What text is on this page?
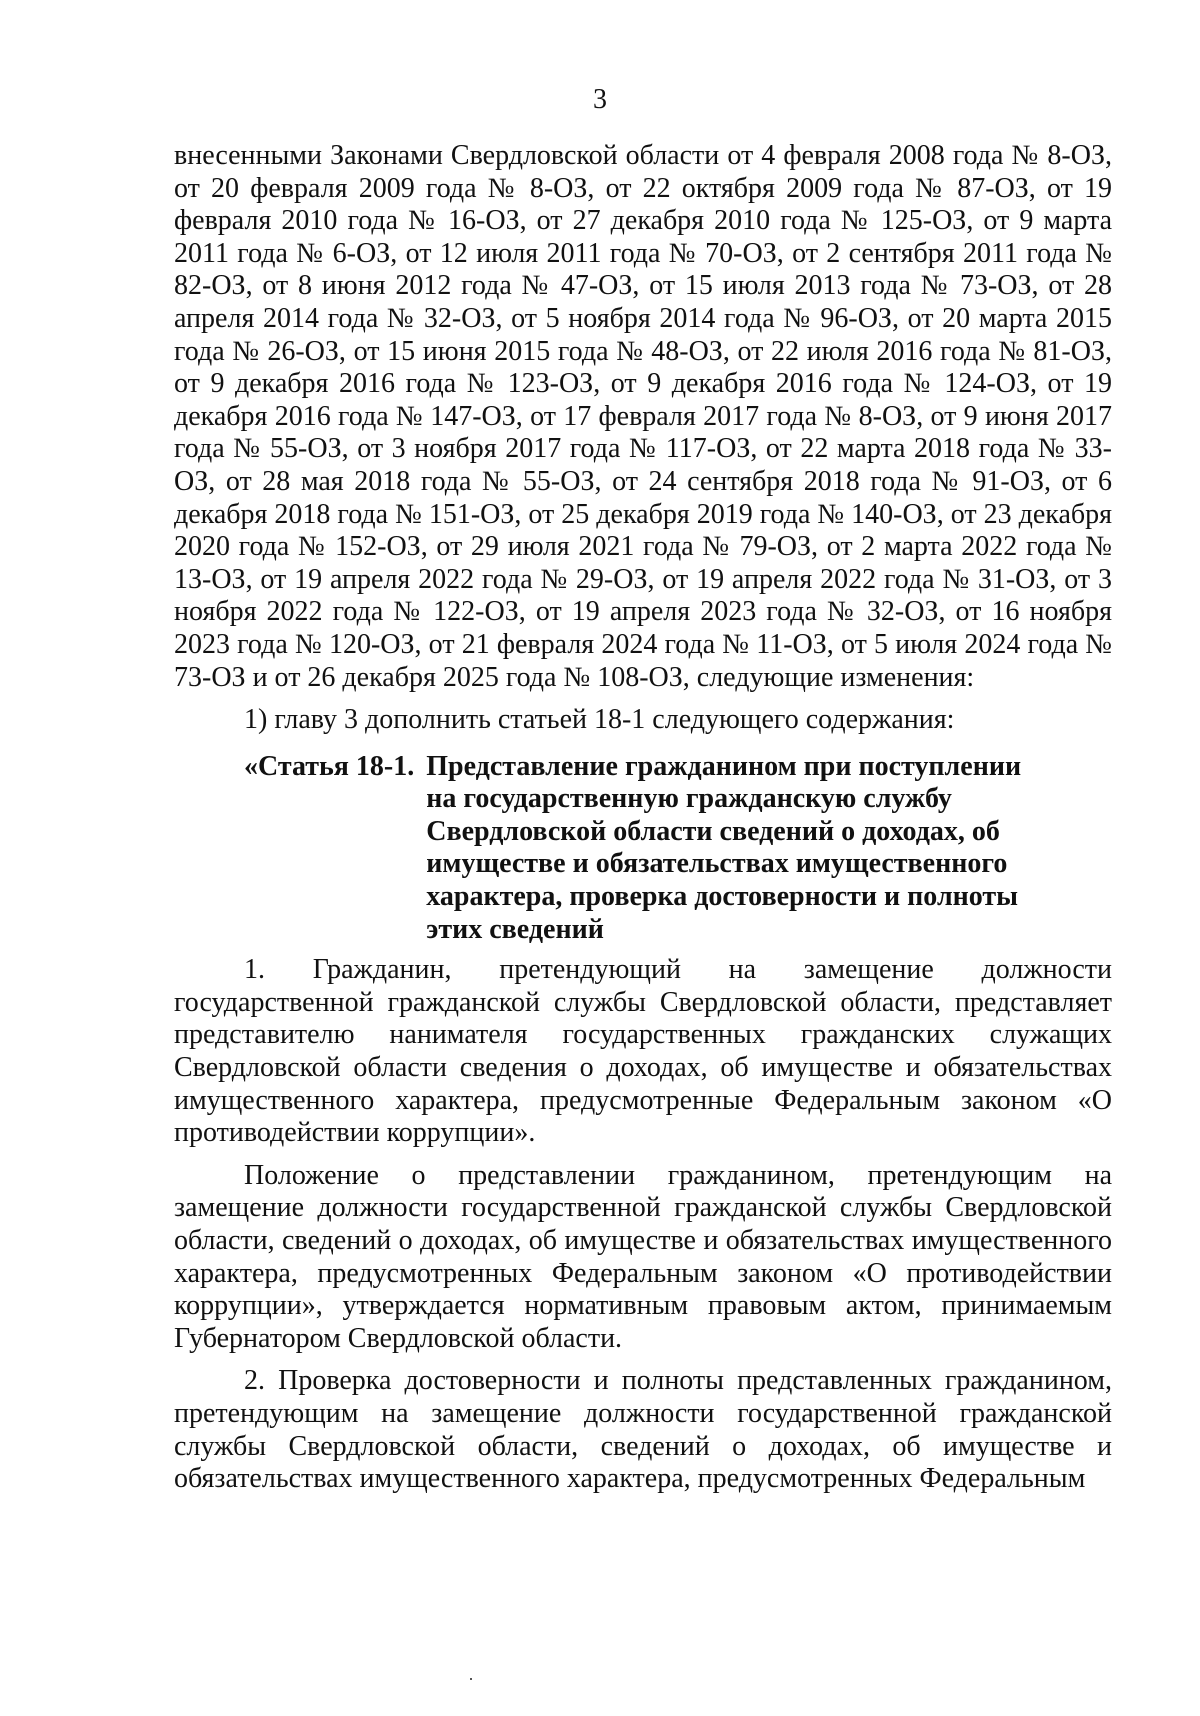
3

внесенными Законами Свердловской области от 4 февраля 2008 года № 8-ОЗ, от 20 февраля 2009 года № 8-ОЗ, от 22 октября 2009 года № 87-ОЗ, от 19 февраля 2010 года № 16-ОЗ, от 27 декабря 2010 года № 125-ОЗ, от 9 марта 2011 года № 6-ОЗ, от 12 июля 2011 года № 70-ОЗ, от 2 сентября 2011 года № 82-ОЗ, от 8 июня 2012 года № 47-ОЗ, от 15 июля 2013 года № 73-ОЗ, от 28 апреля 2014 года № 32-ОЗ, от 5 ноября 2014 года № 96-ОЗ, от 20 марта 2015 года № 26-ОЗ, от 15 июня 2015 года № 48-ОЗ, от 22 июля 2016 года № 81-ОЗ, от 9 декабря 2016 года № 123-ОЗ, от 9 декабря 2016 года № 124-ОЗ, от 19 декабря 2016 года № 147-ОЗ, от 17 февраля 2017 года № 8-ОЗ, от 9 июня 2017 года № 55-ОЗ, от 3 ноября 2017 года № 117-ОЗ, от 22 марта 2018 года № 33-ОЗ, от 28 мая 2018 года № 55-ОЗ, от 24 сентября 2018 года № 91-ОЗ, от 6 декабря 2018 года № 151-ОЗ, от 25 декабря 2019 года № 140-ОЗ, от 23 декабря 2020 года № 152-ОЗ, от 29 июля 2021 года № 79-ОЗ, от 2 марта 2022 года № 13-ОЗ, от 19 апреля 2022 года № 29-ОЗ, от 19 апреля 2022 года № 31-ОЗ, от 3 ноября 2022 года № 122-ОЗ, от 19 апреля 2023 года № 32-ОЗ, от 16 ноября 2023 года № 120-ОЗ, от 21 февраля 2024 года № 11-ОЗ, от 5 июля 2024 года № 73-ОЗ и от 26 декабря 2025 года № 108-ОЗ, следующие изменения:

1) главу 3 дополнить статьей 18-1 следующего содержания:

«Статья 18-1. Представление гражданином при поступлении на государственную гражданскую службу Свердловской области сведений о доходах, об имуществе и обязательствах имущественного характера, проверка достоверности и полноты этих сведений

1. Гражданин, претендующий на замещение должности государственной гражданской службы Свердловской области, представляет представителю нанимателя государственных гражданских служащих Свердловской области сведения о доходах, об имуществе и обязательствах имущественного характера, предусмотренные Федеральным законом «О противодействии коррупции».

Положение о представлении гражданином, претендующим на замещение должности государственной гражданской службы Свердловской области, сведений о доходах, об имуществе и обязательствах имущественного характера, предусмотренных Федеральным законом «О противодействии коррупции», утверждается нормативным правовым актом, принимаемым Губернатором Свердловской области.

2. Проверка достоверности и полноты представленных гражданином, претендующим на замещение должности государственной гражданской службы Свердловской области, сведений о доходах, об имуществе и обязательствах имущественного характера, предусмотренных Федеральным
